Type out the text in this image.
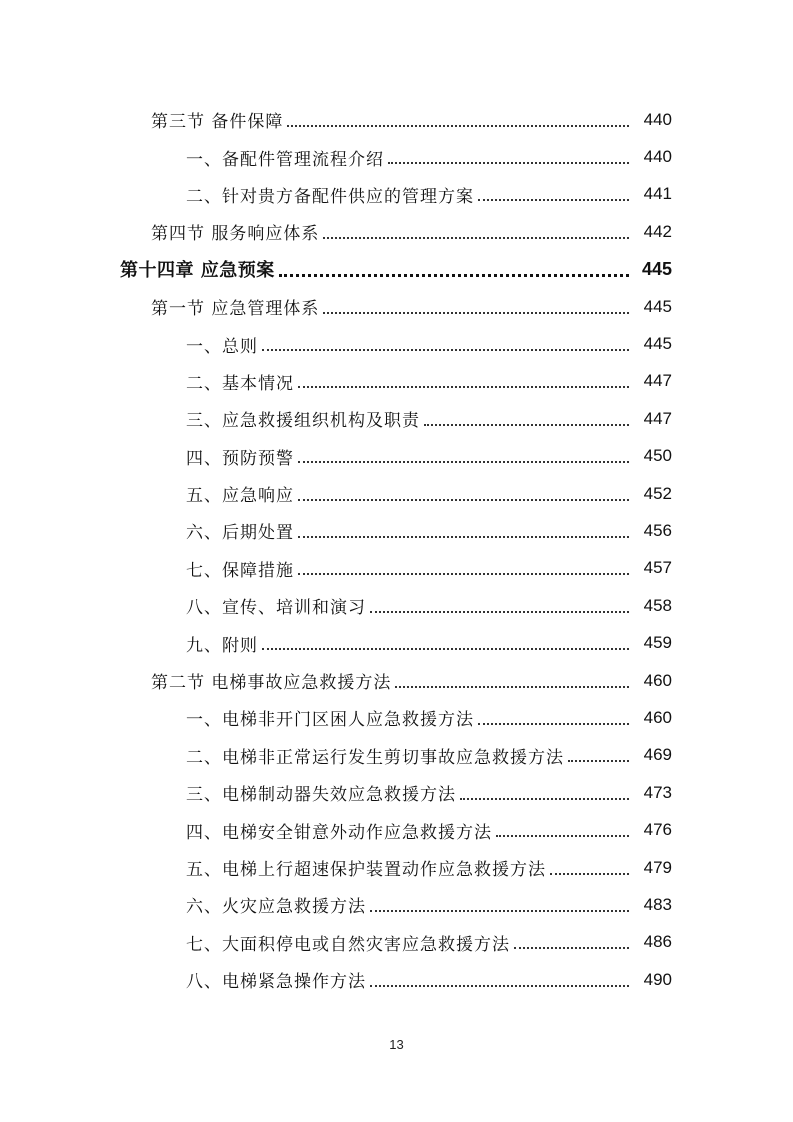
第三节 备件保障	440
一、备配件管理流程介绍	440
二、针对贵方备配件供应的管理方案	441
第四节 服务响应体系	442
第十四章 应急预案	445
第一节 应急管理体系	445
一、总则	445
二、基本情况	447
三、应急救援组织机构及职责	447
四、预防预警	450
五、应急响应	452
六、后期处置	456
七、保障措施	457
八、宣传、培训和演习	458
九、附则	459
第二节 电梯事故应急救援方法	460
一、电梯非开门区困人应急救援方法	460
二、电梯非正常运行发生剪切事故应急救援方法	469
三、电梯制动器失效应急救援方法	473
四、电梯安全钳意外动作应急救援方法	476
五、电梯上行超速保护装置动作应急救援方法	479
六、火灾应急救援方法	483
七、大面积停电或自然灾害应急救援方法	486
八、电梯紧急操作方法	490
13
